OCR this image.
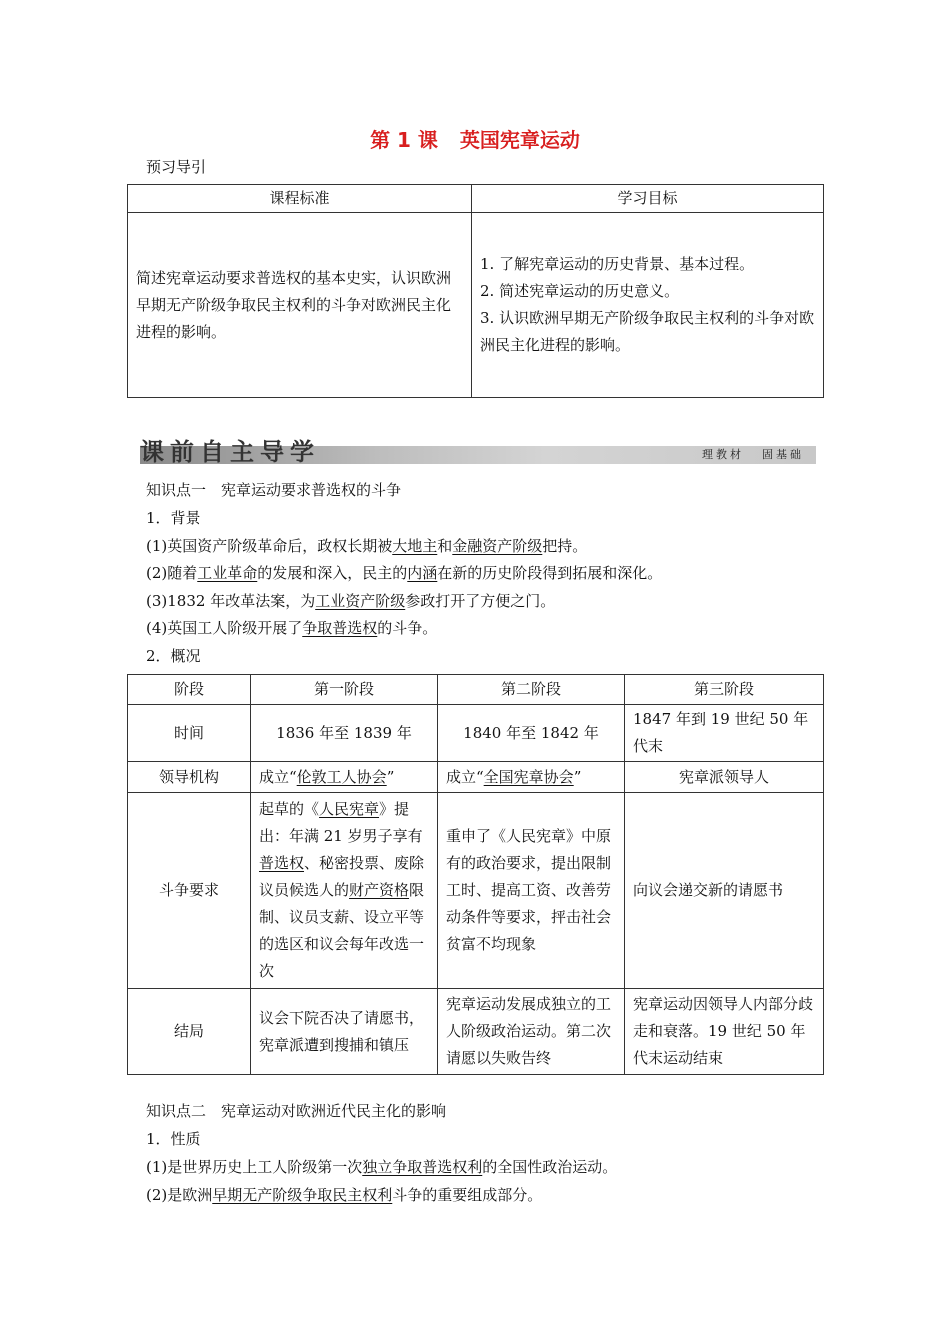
第 1 课 英国宪章运动
预习导引
课程标准	学习目标
简述宪章运动要求普选权的基本史实，认识欧洲早期无产阶级争取民主权利的斗争对欧洲民主化进程的影响。	1. 了解宪章运动的历史背景、基本过程。
2. 简述宪章运动的历史意义。
3. 认识欧洲早期无产阶级争取民主权利的斗争对欧洲民主化进程的影响。
课前自主导学	理教材 固基础
知识点一　宪章运动要求普选权的斗争
1．背景
(1)英国资产阶级革命后，政权长期被大地主和金融资产阶级把持。
(2)随着工业革命的发展和深入，民主的内涵在新的历史阶段得到拓展和深化。
(3)1832 年改革法案，为工业资产阶级参政打开了方便之门。
(4)英国工人阶级开展了争取普选权的斗争。
2．概况
阶段	第一阶段	第二阶段	第三阶段
时间	1836 年至 1839 年	1840 年至 1842 年	1847 年到 19 世纪 50 年代末
领导机构	成立“伦敦工人协会”	成立“全国宪章协会”	宪章派领导人
斗争要求	起草的《人民宪章》提出：年满 21 岁男子享有普选权、秘密投票、废除议员候选人的财产资格限制、议员支薪、设立平等的选区和议会每年改选一次	重申了《人民宪章》中原有的政治要求，提出限制工时、提高工资、改善劳动条件等要求，抨击社会贫富不均现象	向议会递交新的请愿书
结局	议会下院否决了请愿书，宪章派遭到搜捕和镇压	宪章运动发展成独立的工人阶级政治运动。第二次请愿以失败告终	宪章运动因领导人内部分歧走和衰落。19 世纪 50 年代末运动结束
知识点二　宪章运动对欧洲近代民主化的影响
1．性质
(1)是世界历史上工人阶级第一次独立争取普选权利的全国性政治运动。
(2)是欧洲早期无产阶级争取民主权利斗争的重要组成部分。
